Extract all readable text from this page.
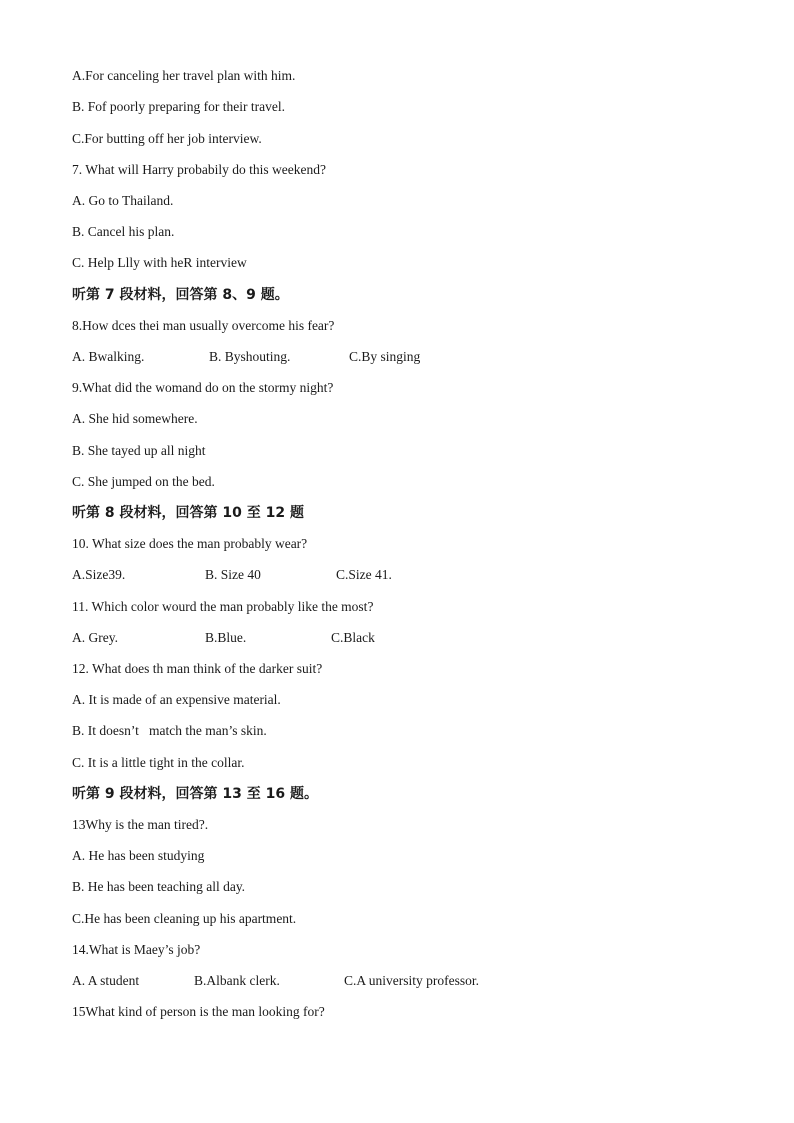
A.For canceling her travel plan with him.
B. Fof poorly preparing for their travel.
C.For butting off her job interview.
7. What will Harry probabily do this weekend?
A. Go to Thailand.
B. Cancel his plan.
C. Help Llly with heR interview
听第 7 段材料，回答第 8、9 题。
8.How dces thei man usually overcome his fear?
A. Bwalking.	B. Byshouting.	C.By singing
9.What did the womand do on the stormy night?
A. She hid somewhere.
B. She tayed up all night
C. She jumped on the bed.
听第 8 段材料，回答第 10 至 12 题
10. What size does the man probably wear?
A.Size39.	B. Size 40	C.Size 41.
11. Which color wourd the man probably like the most?
A. Grey.	B.Blue.	C.Black
12. What does th man think of the darker suit?
A. It is made of an expensive material.
B. It doesn’t   match the man’s skin.
C. It is a little tight in the collar.
听第 9 段材料，回答第 13 至 16 题。
13Why is the man tired?.
A. He has been studying
B. He has been teaching all day.
C.He has been cleaning up his apartment.
14.What is Maey’s job?
A. A student	B.Albank clerk.	C.A university professor.
15What kind of person is the man looking for?
